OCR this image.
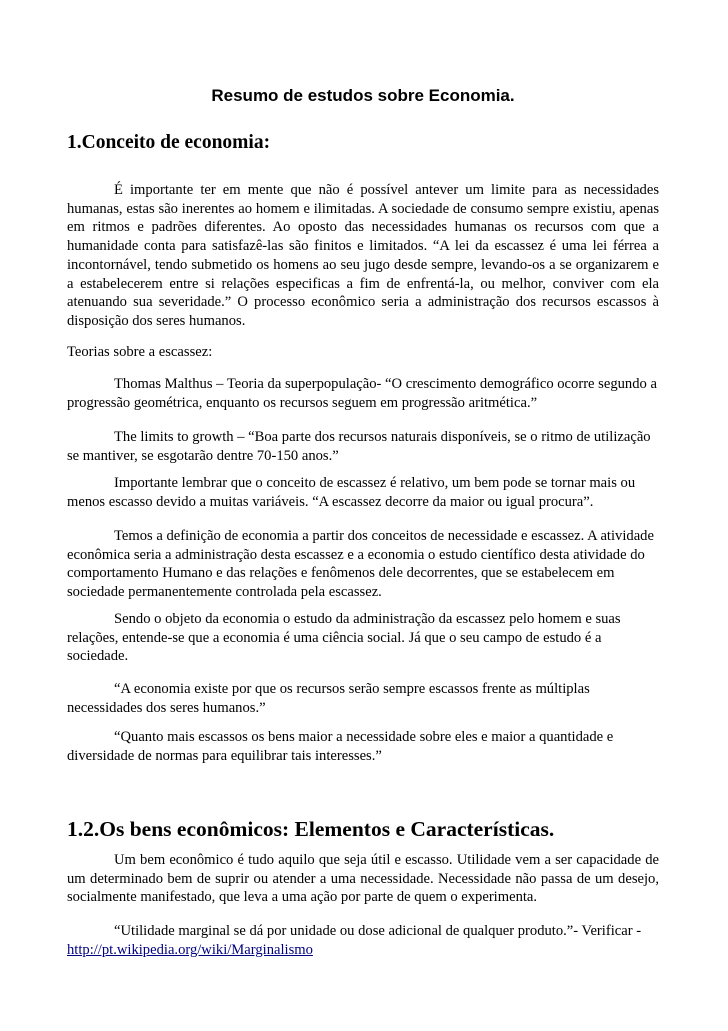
Resumo de estudos sobre Economia.
1.Conceito de economia:

É importante ter em mente que não é possível antever um limite para as necessidades humanas, estas são inerentes ao homem e ilimitadas. A sociedade de consumo sempre existiu, apenas em ritmos e padrões diferentes. Ao oposto das necessidades humanas os recursos com que a humanidade conta para satisfazê-las são finitos e limitados. “A lei da escassez é uma lei férrea a incontornável, tendo submetido os homens ao seu jugo desde sempre, levando-os a se organizarem e a estabelecerem entre si relações especificas a fim de enfrentá-la, ou melhor, conviver com ela atenuando sua severidade.” O processo econômico seria a administração dos recursos escassos à disposição dos seres humanos.

Teorias sobre a escassez:

Thomas Malthus – Teoria da superpopulação- “O crescimento demográfico ocorre segundo a progressão geométrica, enquanto os recursos seguem em progressão aritmética.”

The limits to growth – “Boa parte dos recursos naturais disponíveis, se o ritmo de utilização se mantiver, se esgotarão dentre 70-150 anos.”

Importante lembrar que o conceito de escassez é relativo, um bem pode se tornar mais ou menos escasso devido a muitas variáveis. “A escassez decorre da maior ou igual procura”.

Temos a definição de economia a partir dos conceitos de necessidade e escassez. A atividade econômica seria a administração desta escassez e a economia o estudo científico desta atividade do comportamento Humano e das relações e fenômenos dele decorrentes, que se estabelecem em sociedade permanentemente controlada pela escassez.

Sendo o objeto da economia o estudo da administração da escassez pelo homem e suas relações, entende-se que a economia é uma ciência social. Já que o seu campo de estudo é a sociedade.

“A economia existe por que os recursos serão sempre escassos frente as múltiplas necessidades dos seres humanos.”

“Quanto mais escassos os bens maior a necessidade sobre eles e maior a quantidade e diversidade de normas para equilibrar tais interesses.”

1.2.Os bens econômicos: Elementos e Características.

Um bem econômico é tudo aquilo que seja útil e escasso. Utilidade vem a ser capacidade de um determinado bem de suprir ou atender a uma necessidade. Necessidade não passa de um desejo, socialmente manifestado, que leva a uma ação por parte de quem o experimenta.

“Utilidade marginal se dá por unidade ou dose adicional de qualquer produto.”- Verificar - http://pt.wikipedia.org/wiki/Marginalismo
